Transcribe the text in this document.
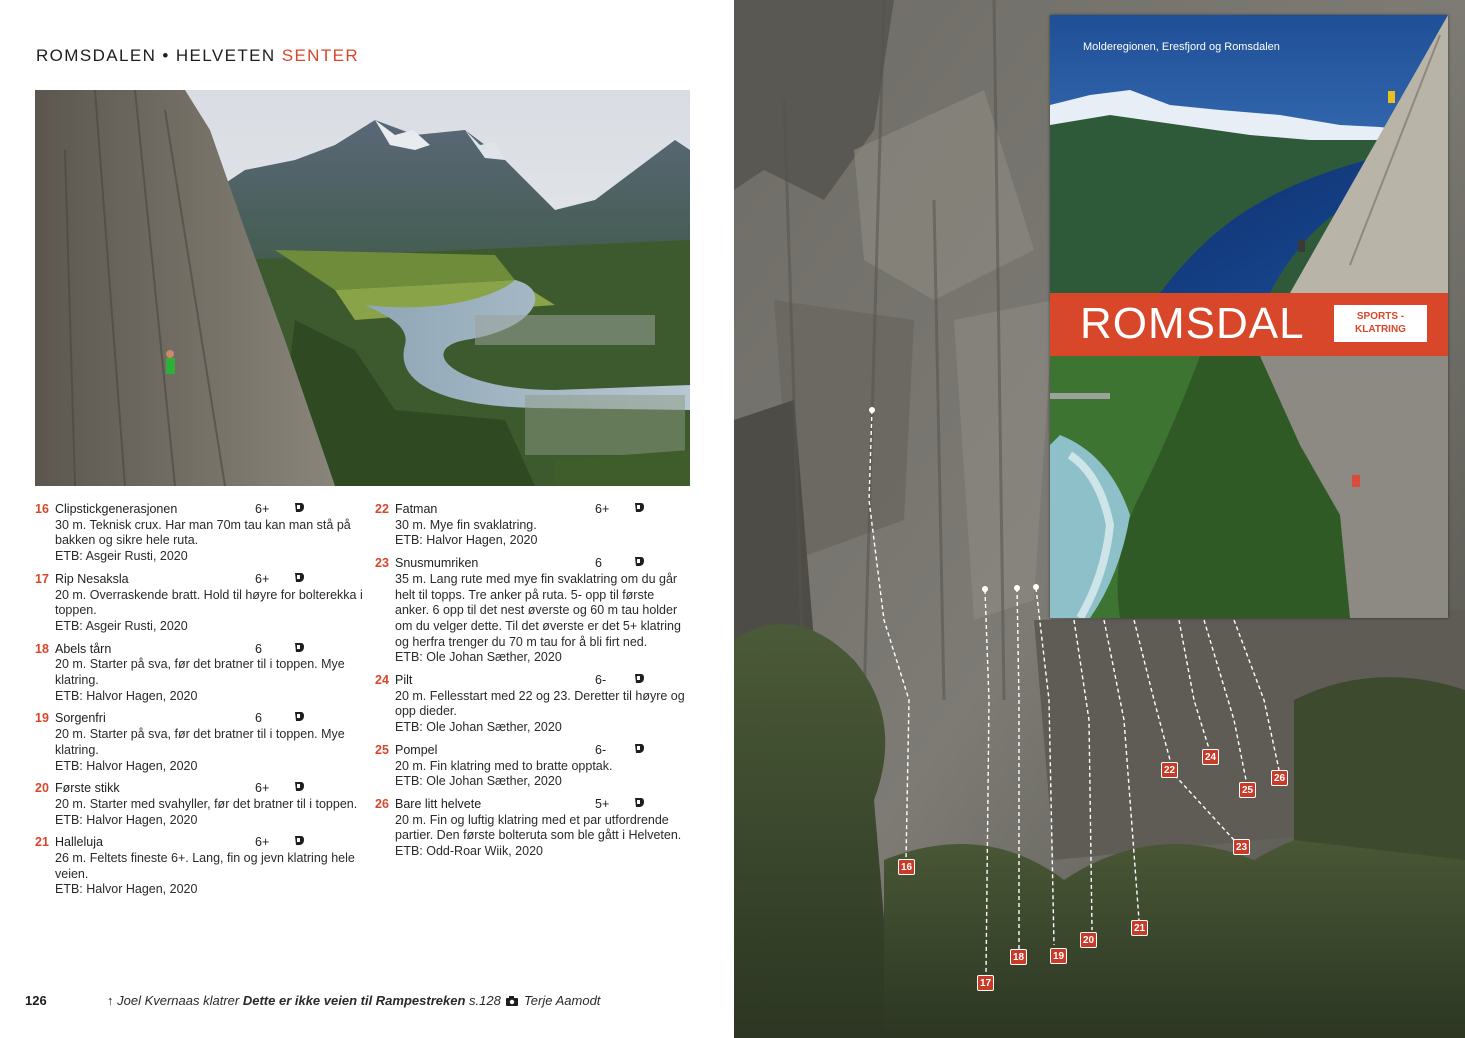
ROMSDALEN • HELVETEN SENTER
16 Clipstickgenerasjonen	6+
30 m. Teknisk crux. Har man 70m tau kan man stå på bakken og sikre hele ruta.
ETB: Asgeir Rusti, 2020
17 Rip Nesaksla	6+
20 m. Overraskende bratt. Hold til høyre for bolterekka i toppen.
ETB: Asgeir Rusti, 2020
18 Abels tårn	6
20 m. Starter på sva, før det bratner til i toppen. Mye klatring.
ETB: Halvor Hagen, 2020
19 Sorgenfri	6
20 m. Starter på sva, før det bratner til i toppen. Mye klatring.
ETB: Halvor Hagen, 2020
20 Første stikk	6+
20 m. Starter med svahyller, før det bratner til i toppen.
ETB: Halvor Hagen, 2020
21 Halleluja	6+
26 m. Feltets fineste 6+. Lang, fin og jevn klatring hele veien.
ETB: Halvor Hagen, 2020
22 Fatman	6+
30 m. Mye fin svaklatring.
ETB: Halvor Hagen, 2020
23 Snusmumriken	6
35 m. Lang rute med mye fin svaklatring om du går helt til topps. Tre anker på ruta. 5- opp til første anker. 6 opp til det nest øverste og 60 m tau holder om du velger dette. Til det øverste er det 5+ klatring og herfra trenger du 70 m tau for å bli firt ned.
ETB: Ole Johan Sæther, 2020
24 Pilt	6-
20 m. Fellesstart med 22 og 23. Deretter til høyre og opp dieder.
ETB: Ole Johan Sæther, 2020
25 Pompel	6-
20 m. Fin klatring med to bratte opptak.
ETB: Ole Johan Sæther, 2020
26 Bare litt helvete	5+
20 m. Fin og luftig klatring med et par utfordrende partier. Den første bolteruta som ble gått i Helveten.
ETB: Odd-Roar Wiik, 2020
126	↑ Joel Kvernaas klatrer Dette er ikke veien til Rampestreken s.128  Terje Aamodt
16
17
18	19
20
21
22
23
24
25
26
Molderegionen, Eresfjord og Romsdalen
ROMSDAL	SPORTS -
KLATRING
